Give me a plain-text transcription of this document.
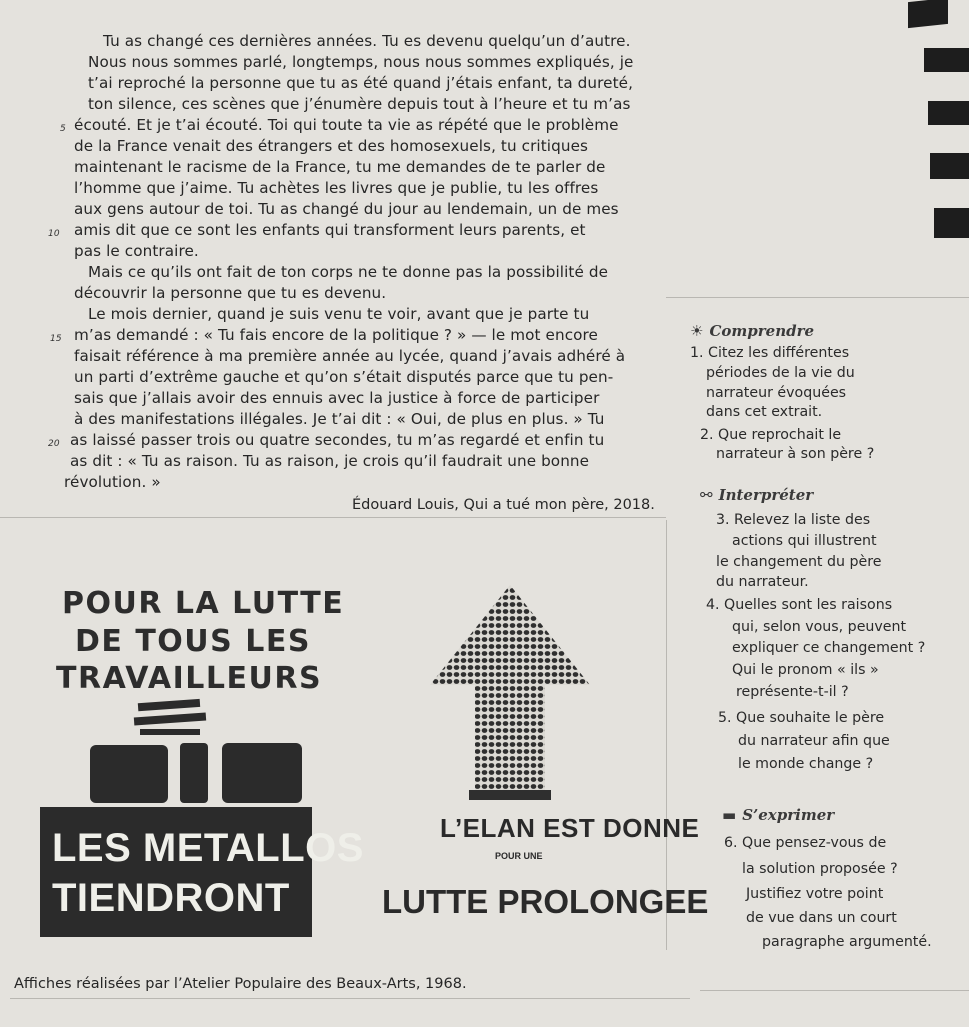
Tu as changé ces dernières années. Tu es devenu quelqu’un d’autre.
Nous nous sommes parlé, longtemps, nous nous sommes expliqués, je
t’ai reproché la personne que tu as été quand j’étais enfant, ta dureté,
ton silence, ces scènes que j’énumère depuis tout à l’heure et tu m’as
5 écouté. Et je t’ai écouté. Toi qui toute ta vie as répété que le problème
de la France venait des étrangers et des homosexuels, tu critiques
maintenant le racisme de la France, tu me demandes de te parler de
l’homme que j’aime. Tu achètes les livres que je publie, tu les offres
aux gens autour de toi. Tu as changé du jour au lendemain, un de mes
10 amis dit que ce sont les enfants qui transforment leurs parents, et
pas le contraire.
Mais ce qu’ils ont fait de ton corps ne te donne pas la possibilité de
découvrir la personne que tu es devenu.
Le mois dernier, quand je suis venu te voir, avant que je parte tu
15 m’as demandé : « Tu fais encore de la politique ? » — le mot encore
faisait référence à ma première année au lycée, quand j’avais adhéré à
un parti d’extrême gauche et qu’on s’était disputés parce que tu pen-
sais que j’allais avoir des ennuis avec la justice à force de participer
à des manifestations illégales. Je t’ai dit : « Oui, de plus en plus. » Tu
20 as laissé passer trois ou quatre secondes, tu m’as regardé et enfin tu
as dit : « Tu as raison. Tu as raison, je crois qu’il faudrait une bonne
révolution. »
Édouard Louis, Qui a tué mon père, 2018.
☀ Comprendre
1. Citez les différentes
périodes de la vie du
narrateur évoquées
dans cet extrait.
2. Que reprochait le
narrateur à son père ?
⚯ Interpréter
3. Relevez la liste des
actions qui illustrent
le changement du père
du narrateur.
4. Quelles sont les raisons
qui, selon vous, peuvent
expliquer ce changement ?
Qui le pronom « ils »
représente-t-il ?
5. Que souhaite le père
du narrateur afin que
le monde change ?
▬ S’exprimer
6. Que pensez-vous de
la solution proposée ?
Justifiez votre point
de vue dans un court
paragraphe argumenté.
POUR LA LUTTE
DE TOUS LES
TRAVAILLEURS
LES METALLOS
TIENDRONT
L’ELAN EST DONNE
POUR UNE
LUTTE PROLONGEE
Affiches réalisées par l’Atelier Populaire des Beaux-Arts, 1968.
